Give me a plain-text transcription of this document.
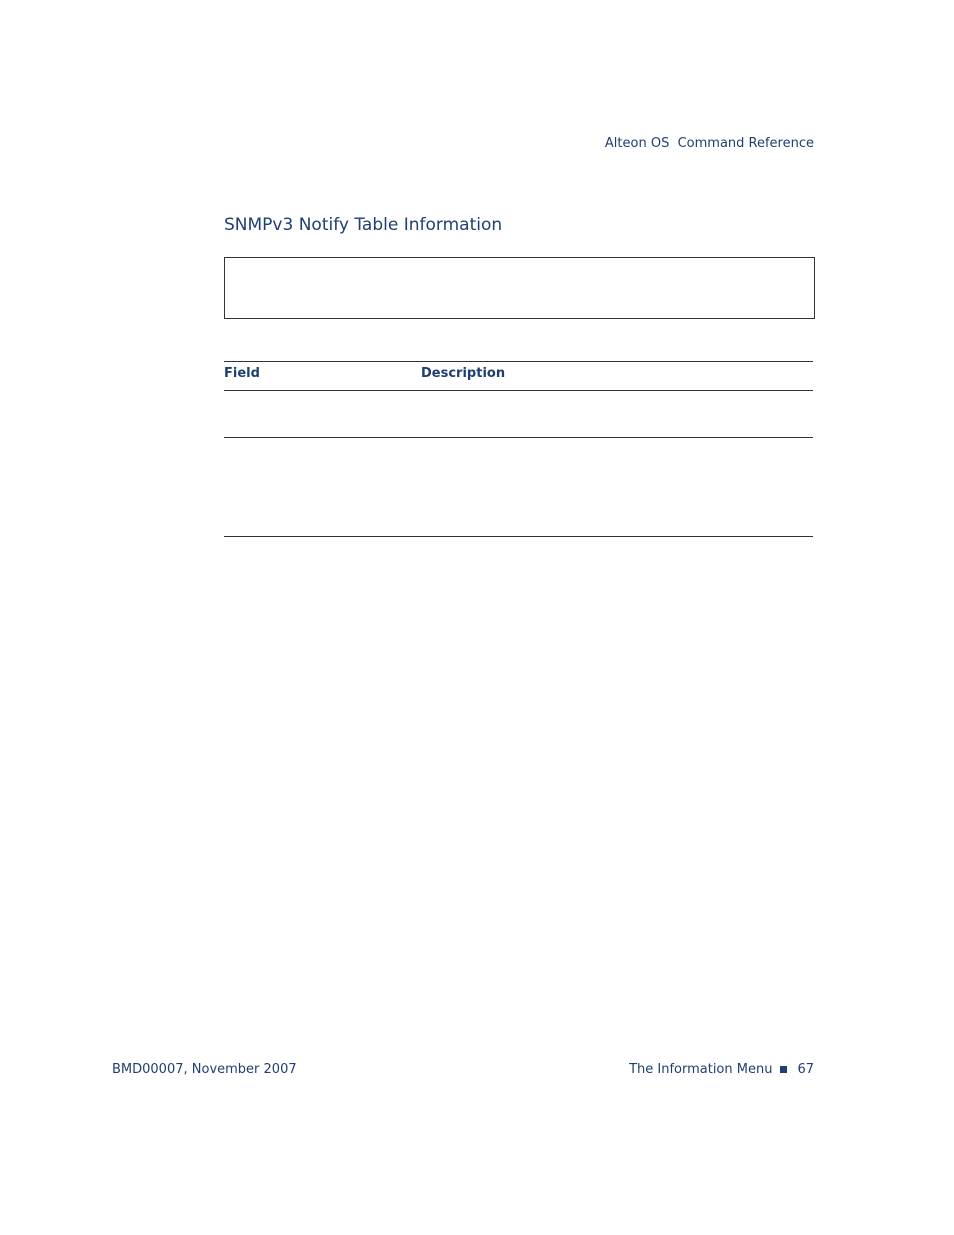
Alteon OS  Command Reference
SNMPv3 Notify Table Information
Field	Description
BMD00007, November 2007	The Information Menu 67
